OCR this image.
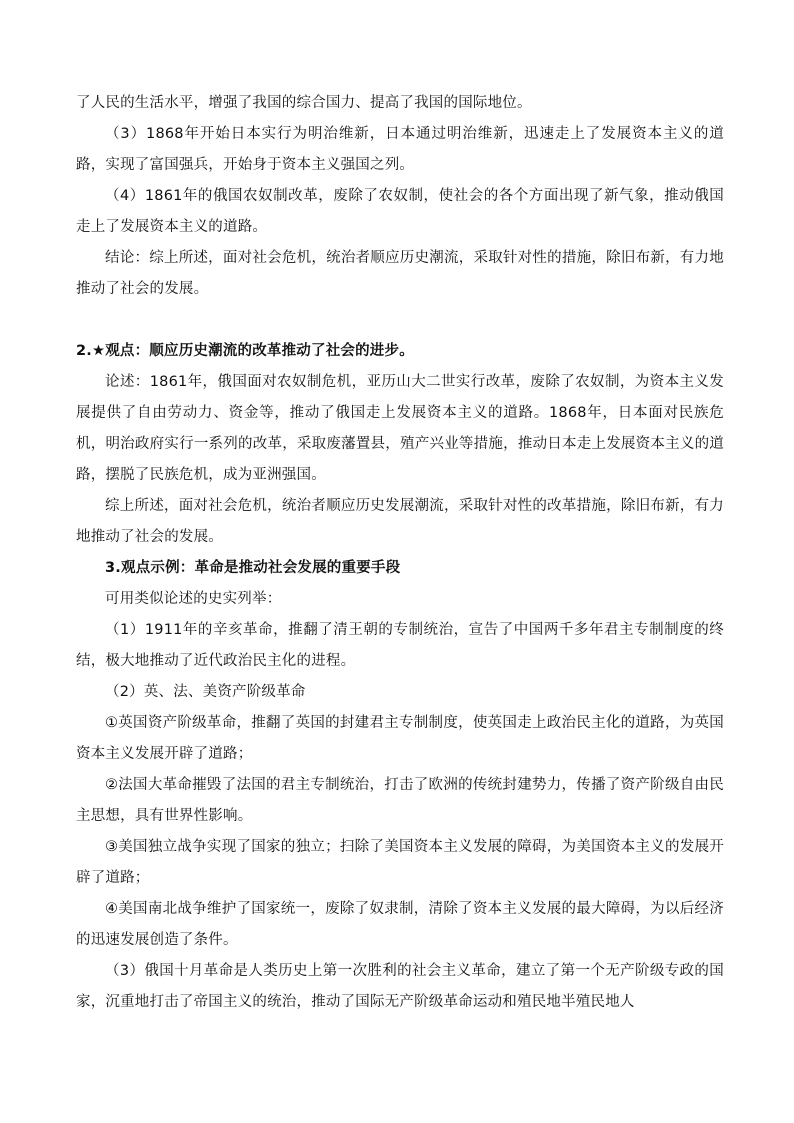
了人民的生活水平，增强了我国的综合国力、提高了我国的国际地位。

（3）1868年开始日本实行为明治维新，日本通过明治维新，迅速走上了发展资本主义的道路，实现了富国强兵，开始身于资本主义强国之列。

（4）1861年的俄国农奴制改革，废除了农奴制，使社会的各个方面出现了新气象，推动俄国走上了发展资本主义的道路。

结论：综上所述，面对社会危机，统治者顺应历史潮流，采取针对性的措施，除旧布新，有力地推动了社会的发展。

2.★观点：顺应历史潮流的改革推动了社会的进步。

论述：1861年，俄国面对农奴制危机，亚历山大二世实行改革，废除了农奴制，为资本主义发展提供了自由劳动力、资金等，推动了俄国走上发展资本主义的道路。1868年，日本面对民族危机，明治政府实行一系列的改革，采取废藩置县，殖产兴业等措施，推动日本走上发展资本主义的道路，摆脱了民族危机，成为亚洲强国。

综上所述，面对社会危机，统治者顺应历史发展潮流，采取针对性的改革措施，除旧布新，有力地推动了社会的发展。

3.观点示例：革命是推动社会发展的重要手段

可用类似论述的史实列举：

（1）1911年的辛亥革命，推翻了清王朝的专制统治，宣告了中国两千多年君主专制制度的终结，极大地推动了近代政治民主化的进程。

（2）英、法、美资产阶级革命

①英国资产阶级革命，推翻了英国的封建君主专制制度，使英国走上政治民主化的道路，为英国资本主义发展开辟了道路；

②法国大革命摧毁了法国的君主专制统治，打击了欧洲的传统封建势力，传播了资产阶级自由民主思想，具有世界性影响。

③美国独立战争实现了国家的独立；扫除了美国资本主义发展的障碍，为美国资本主义的发展开辟了道路；

④美国南北战争维护了国家统一，废除了奴隶制，清除了资本主义发展的最大障碍，为以后经济的迅速发展创造了条件。

（3）俄国十月革命是人类历史上第一次胜利的社会主义革命，建立了第一个无产阶级专政的国家，沉重地打击了帝国主义的统治，推动了国际无产阶级革命运动和殖民地半殖民地人
